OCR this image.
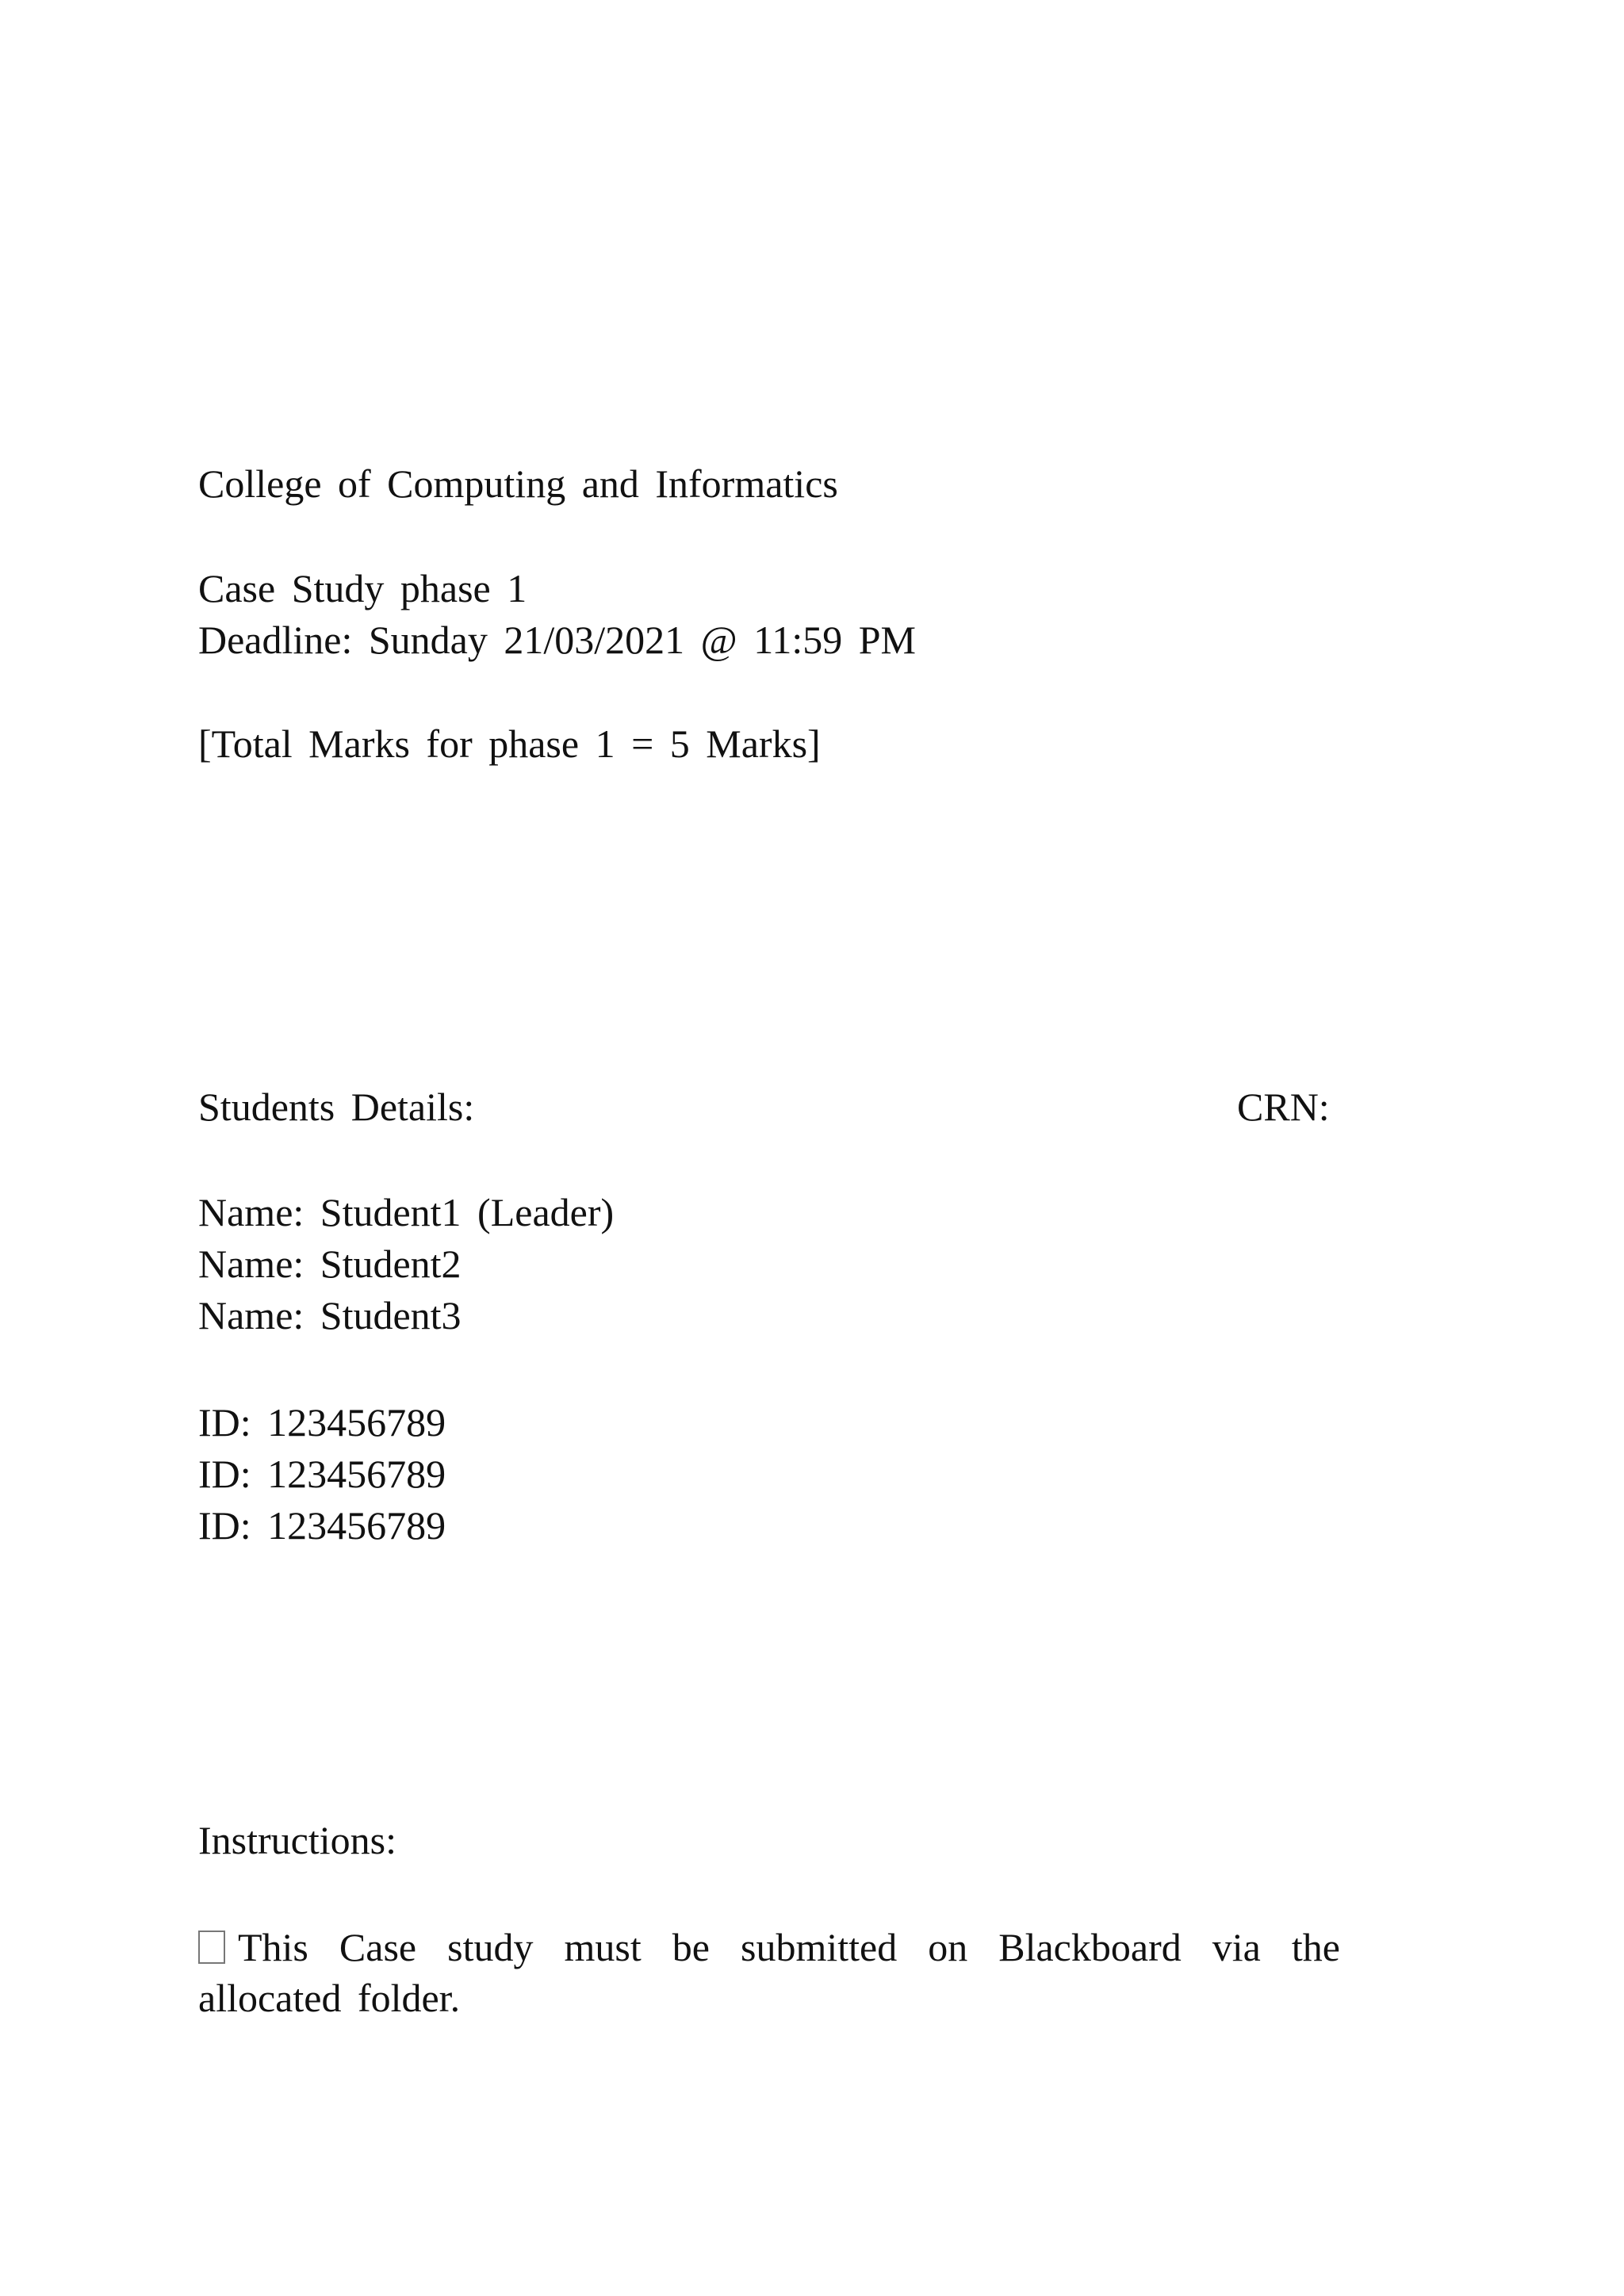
College of Computing and Informatics
Case Study phase 1
Deadline: Sunday 21/03/2021 @ 11:59 PM
[Total Marks for phase 1 = 5 Marks]
Students Details:	CRN:
Name: Student1 (Leader)
Name: Student2
Name: Student3
ID: 123456789
ID: 123456789
ID: 123456789
Instructions:
This Case study must be submitted on Blackboard via the
allocated folder.
